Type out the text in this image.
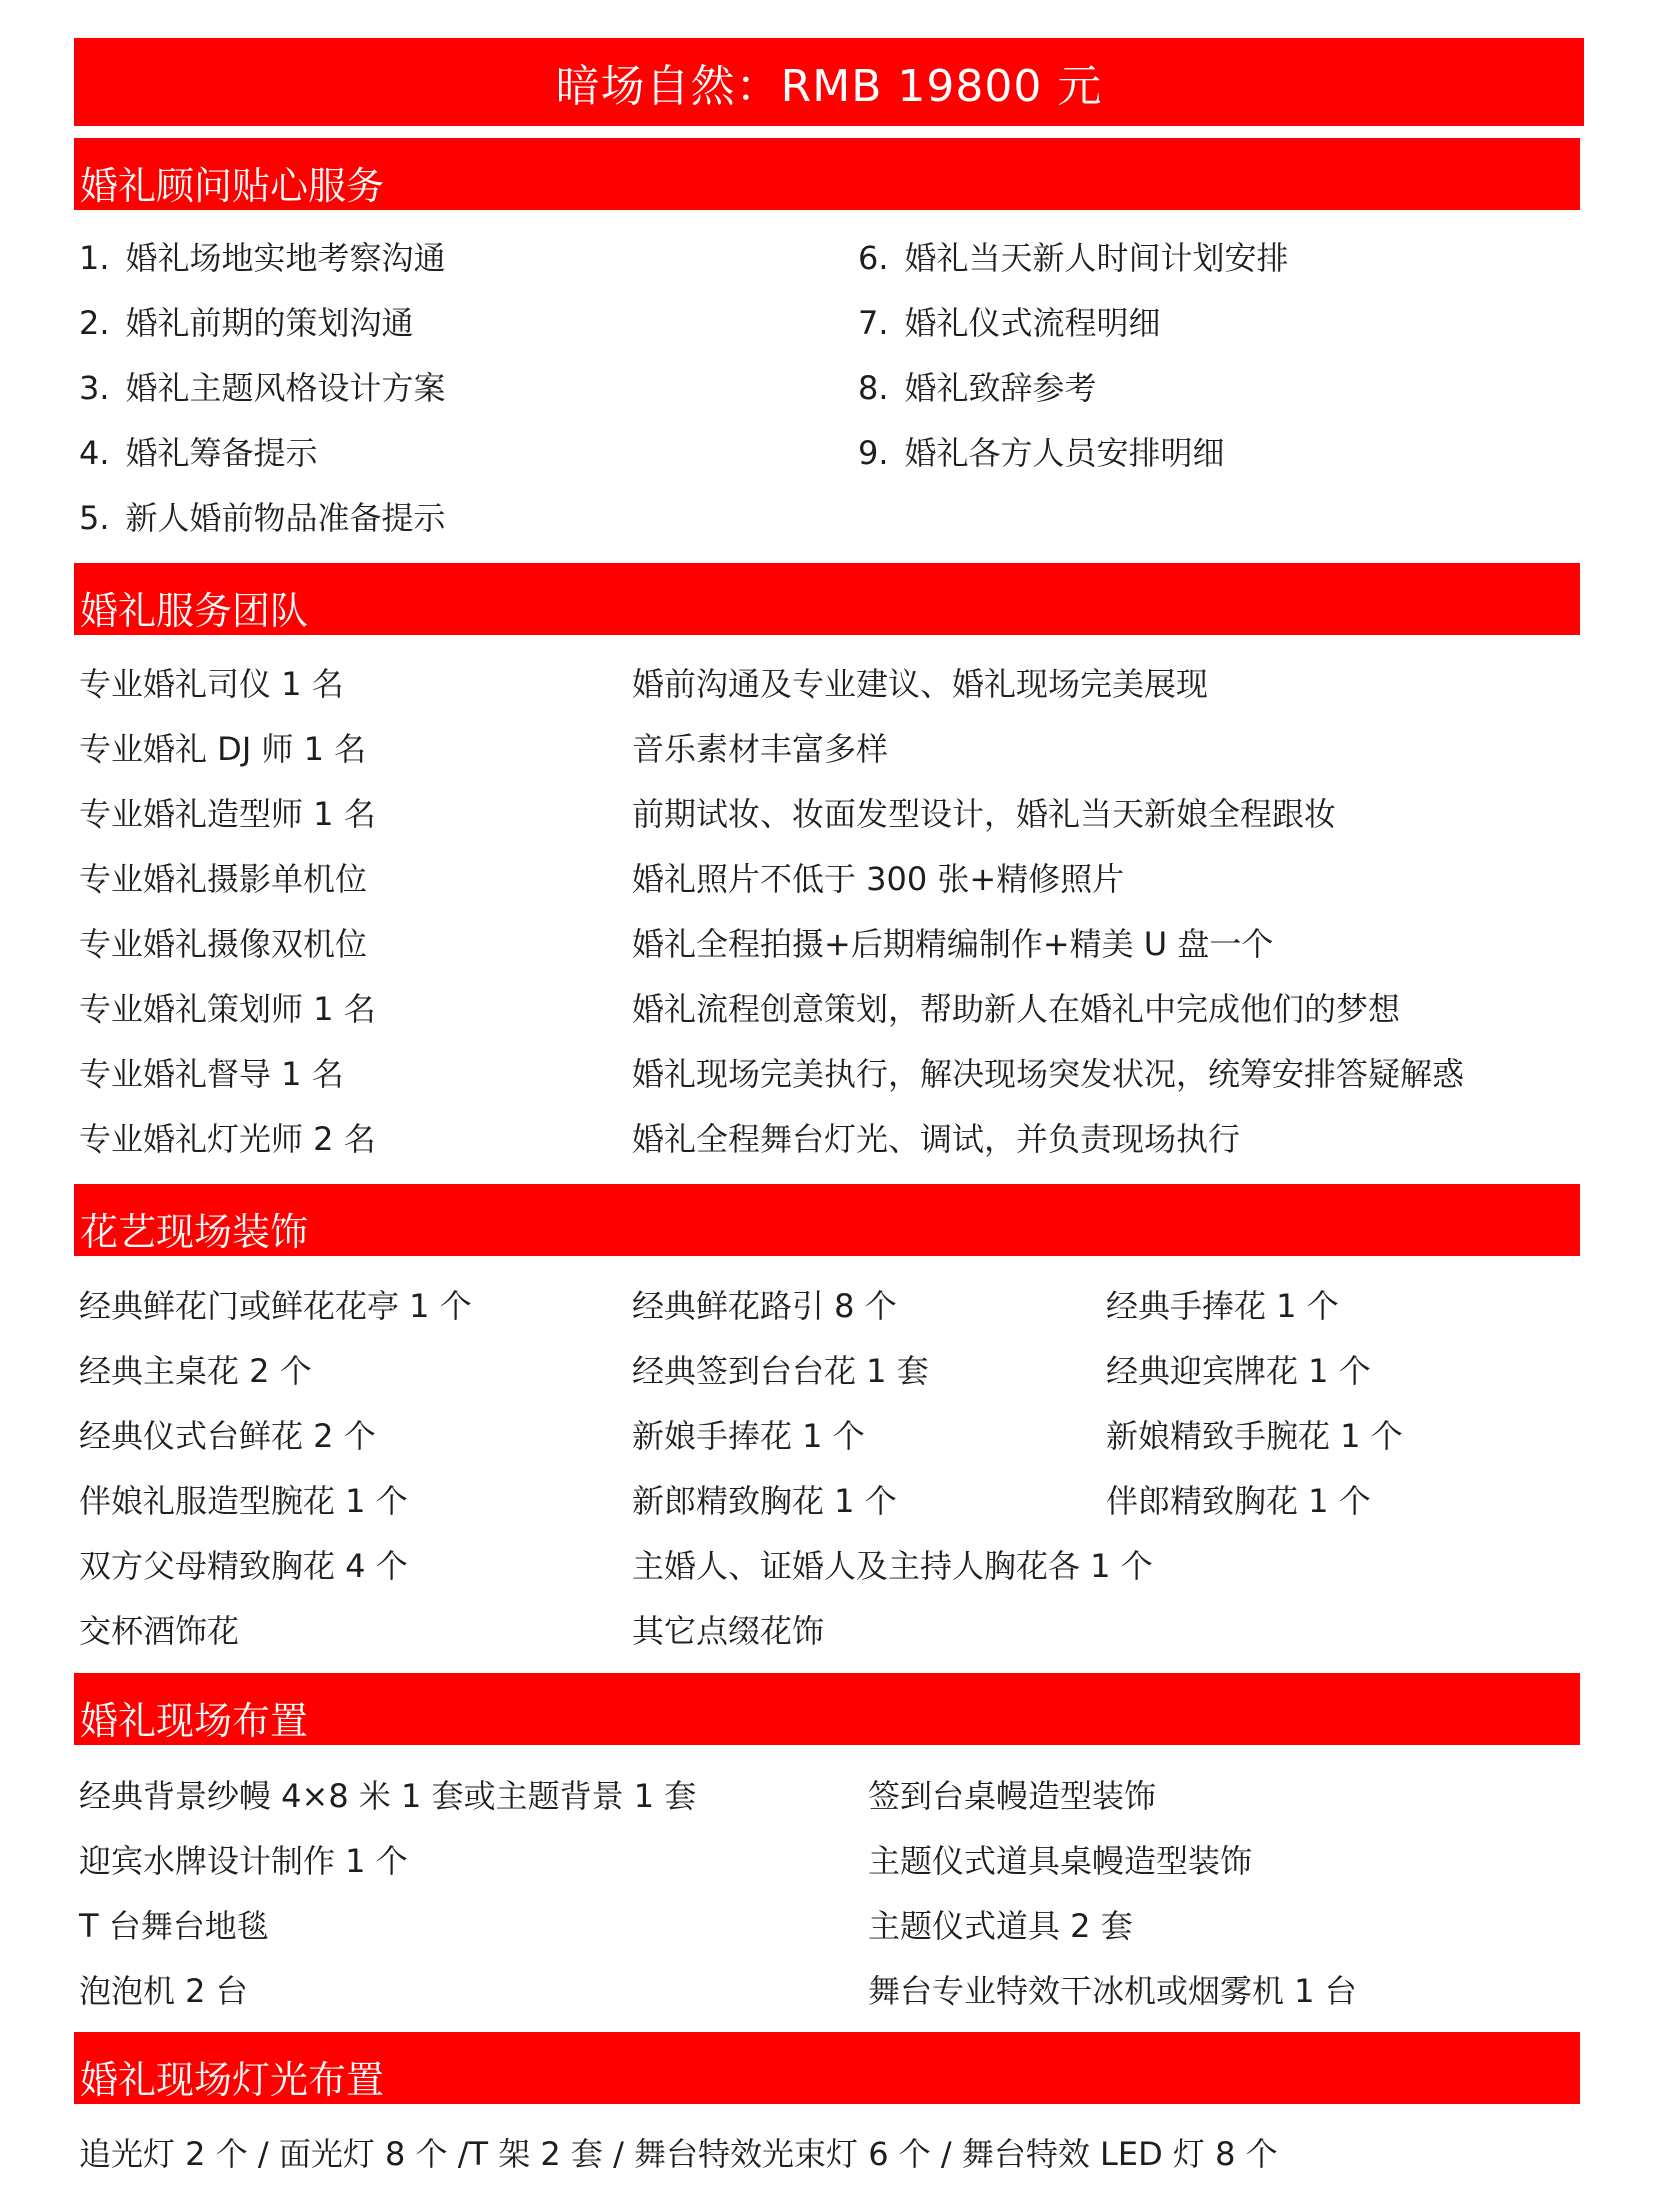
暗场自然：RMB 19800 元
婚礼顾问贴心服务
1. 婚礼场地实地考察沟通
2. 婚礼前期的策划沟通
3. 婚礼主题风格设计方案
4. 婚礼筹备提示
5. 新人婚前物品准备提示
6. 婚礼当天新人时间计划安排
7. 婚礼仪式流程明细
8. 婚礼致辞参考
9. 婚礼各方人员安排明细
婚礼服务团队
专业婚礼司仪 1 名	婚前沟通及专业建议、婚礼现场完美展现
专业婚礼 DJ 师 1 名	音乐素材丰富多样
专业婚礼造型师 1 名	前期试妆、妆面发型设计，婚礼当天新娘全程跟妆
专业婚礼摄影单机位	婚礼照片不低于 300 张+精修照片
专业婚礼摄像双机位	婚礼全程拍摄+后期精编制作+精美 U 盘一个
专业婚礼策划师 1 名	婚礼流程创意策划，帮助新人在婚礼中完成他们的梦想
专业婚礼督导 1 名	婚礼现场完美执行，解决现场突发状况，统筹安排答疑解惑
专业婚礼灯光师 2 名	婚礼全程舞台灯光、调试，并负责现场执行
花艺现场装饰
经典鲜花门或鲜花花亭 1 个	经典鲜花路引 8 个	经典手捧花 1 个
经典主桌花 2 个	经典签到台台花 1 套	经典迎宾牌花 1 个
经典仪式台鲜花 2 个	新娘手捧花 1 个	新娘精致手腕花 1 个
伴娘礼服造型腕花 1 个	新郎精致胸花 1 个	伴郎精致胸花 1 个
双方父母精致胸花 4 个	主婚人、证婚人及主持人胸花各 1 个
交杯酒饰花	其它点缀花饰
婚礼现场布置
经典背景纱幔 4×8 米 1 套或主题背景 1 套	签到台桌幔造型装饰
迎宾水牌设计制作 1 个	主题仪式道具桌幔造型装饰
T 台舞台地毯	主题仪式道具 2 套
泡泡机 2 台	舞台专业特效干冰机或烟雾机 1 台
婚礼现场灯光布置
追光灯 2 个 / 面光灯 8 个 /T 架 2 套 / 舞台特效光束灯 6 个 / 舞台特效 LED 灯 8 个
